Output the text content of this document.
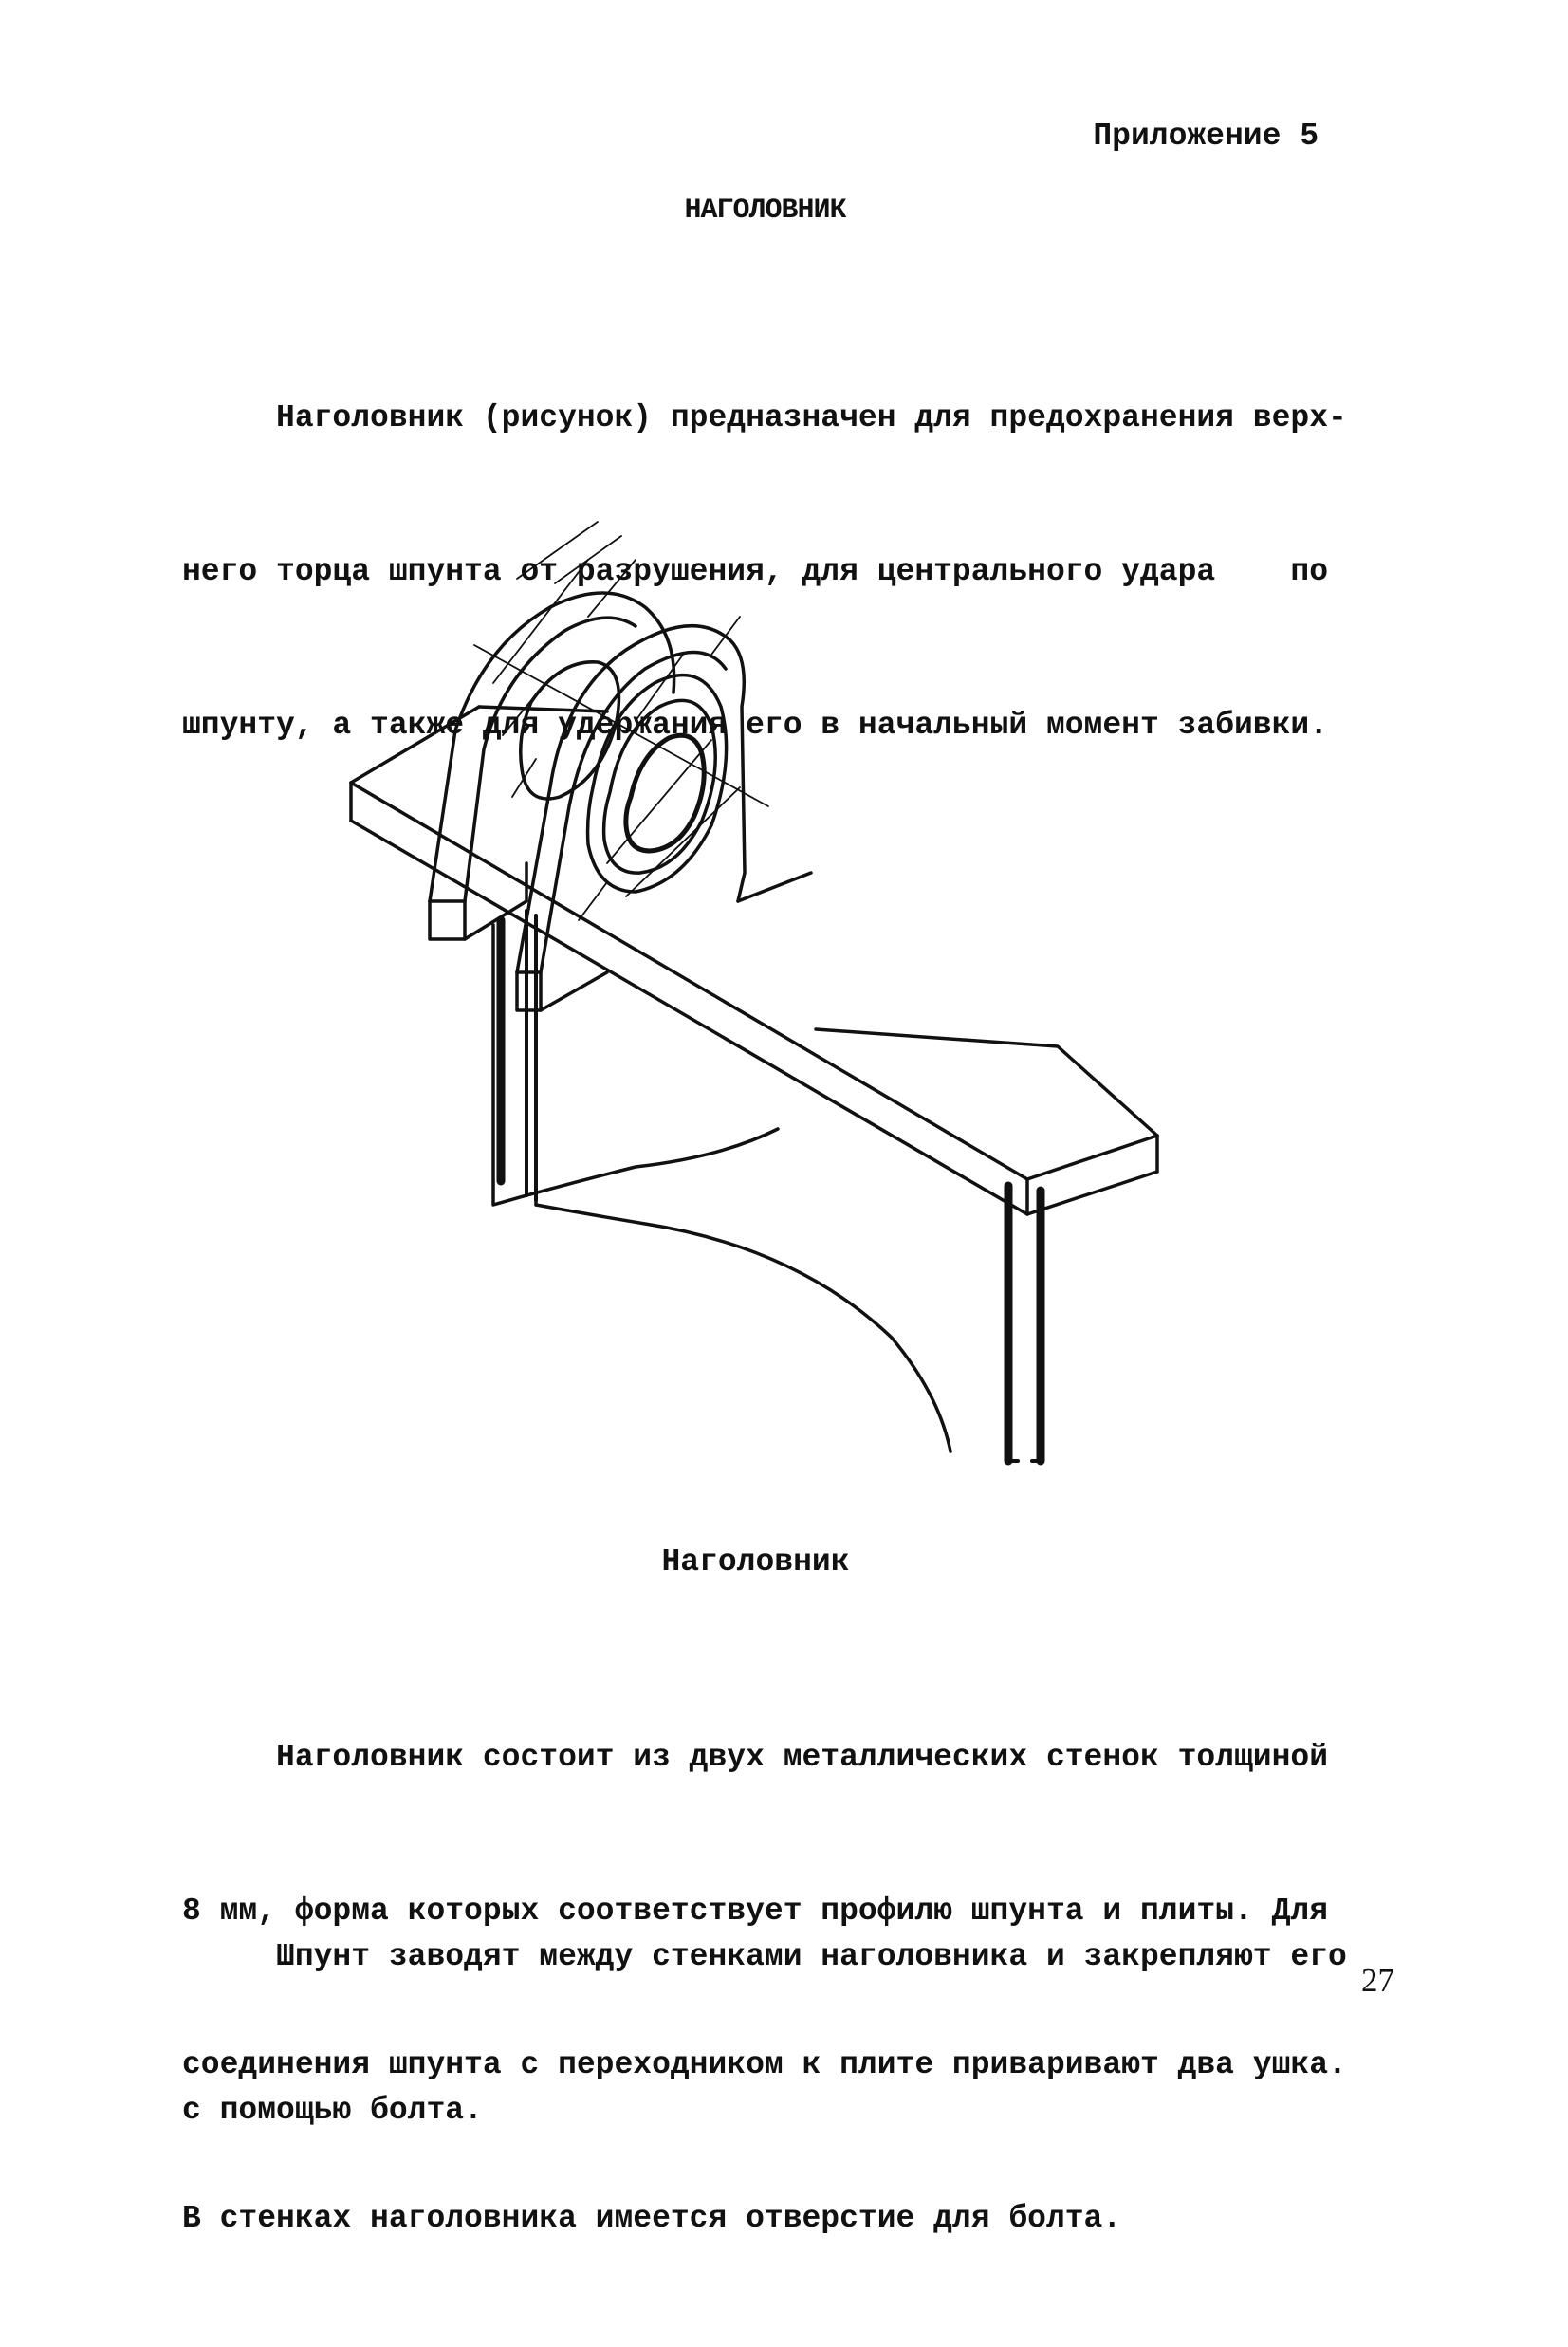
Приложение 5
НАГОЛОВНИК

Наголовник (рисунок) предназначен для предохранения верх-

него торца шпунта от разрушения, для центрального удара    по

шпунту, а также для удержания его в начальный момент забивки.

Наголовник

Наголовник состоит из двух металлических стенок толщиной

8 мм, форма которых соответствует профилю шпунта и плиты. Для

соединения шпунта с переходником к плите приваривают два ушка.

В стенках наголовника имеется отверстие для болта.

Шпунт заводят между стенками наголовника и закрепляют его

с помощью болта.

27
